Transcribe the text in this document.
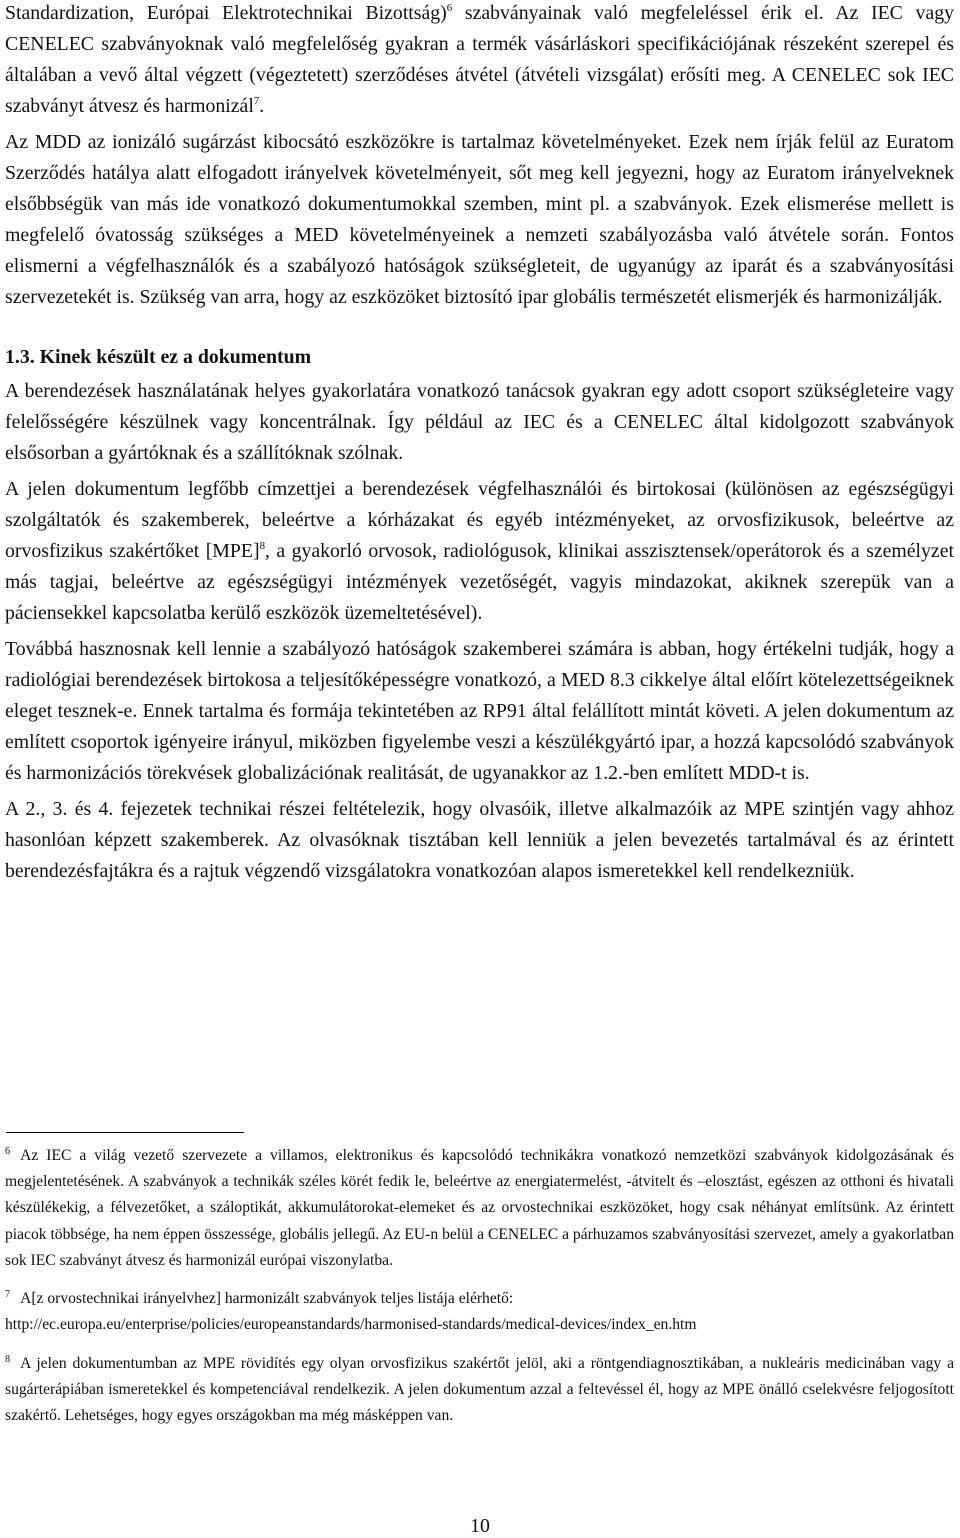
Standardization, Európai Elektrotechnikai Bizottság)$^6$ szabványainak való megfeleléssel érik el. Az IEC vagy CENELEC szabványoknak való megfelelőség gyakran a termék vásárláskori specifikációjának részeként szerepel és általában a vevő által végzett (végeztetett) szerződéses átvétel (átvételi vizsgálat) erősíti meg. A CENELEC sok IEC szabványt átvesz és harmonizál$^7$.

Az MDD az ionizáló sugárzást kibocsátó eszközökre is tartalmaz követelményeket. Ezek nem írják felül az Euratom Szerződés hatálya alatt elfogadott irányelvek követelményeit, sőt meg kell jegyezni, hogy az Euratom irányelveknek elsőbbségük van más ide vonatkozó dokumentumokkal szemben, mint pl. a szabványok. Ezek elismerése mellett is megfelelő óvatosság szükséges a MED követelményeinek a nemzeti szabályozásba való átvétele során. Fontos elismerni a végfelhasználók és a szabályozó hatóságok szükségleteit, de ugyanúgy az iparát és a szabványosítási szervezetekét is. Szükség van arra, hogy az eszközöket biztosító ipar globális természetét elismerjék és harmonizálják.

1.3. Kinek készült ez a dokumentum

A berendezések használatának helyes gyakorlatára vonatkozó tanácsok gyakran egy adott csoport szükségleteire vagy felelősségére készülnek vagy koncentrálnak. Így például az IEC és a CENELEC által kidolgozott szabványok elsősorban a gyártóknak és a szállítóknak szólnak.

A jelen dokumentum legfőbb címzettjei a berendezések végfelhasználói és birtokosai (különösen az egészségügyi szolgáltatók és szakemberek, beleértve a kórházakat és egyéb intézményeket, az orvosfizikusok, beleértve az orvosfizikus szakértőket [MPE]$^8$, a gyakorló orvosok, radiológusok, klinikai asszisztensek/operátorok és a személyzet más tagjai, beleértve az egészségügyi intézmények vezetőségét, vagyis mindazokat, akiknek szerepük van a páciensekkel kapcsolatba kerülő eszközök üzemeltetésével).

Továbbá hasznosnak kell lennie a szabályozó hatóságok szakemberei számára is abban, hogy értékelni tudják, hogy a radiológiai berendezések birtokosa a teljesítőképességre vonatkozó, a MED 8.3 cikkelye által előírt kötelezettségeiknek eleget tesznek-e. Ennek tartalma és formája tekintetében az RP91 által felállított mintát követi. A jelen dokumentum az említett csoportok igényeire irányul, miközben figyelembe veszi a készülékgyártó ipar, a hozzá kapcsolódó szabványok és harmonizációs törekvések globalizációnak realitását, de ugyanakkor az 1.2.-ben említett MDD-t is.

A 2., 3. és 4. fejezetek technikai részei feltételezik, hogy olvasóik, illetve alkalmazóik az MPE szintjén vagy ahhoz hasonlóan képzett szakemberek. Az olvasóknak tisztában kell lenniük a jelen bevezetés tartalmával és az érintett berendezésfajtákra és a rajtuk végzendő vizsgálatokra vonatkozóan alapos ismeretekkel kell rendelkezniük.

$^6$ Az IEC a világ vezető szervezete a villamos, elektronikus és kapcsolódó technikákra vonatkozó nemzetközi szabványok kidolgozásának és megjelentetésének. A szabványok a technikák széles körét fedik le, beleértve az energiatermelést, -átvitelt és –elosztást, egészen az otthoni és hivatali készülékekig, a félvezetőket, a száloptikát, akkumulátorokat-elemeket és az orvostechnikai eszközöket, hogy csak néhányat említsünk. Az érintett piacok többsége, ha nem éppen összessége, globális jellegű. Az EU-n belül a CENELEC a párhuzamos szabványosítási szervezet, amely a gyakorlatban sok IEC szabványt átvesz és harmonizál európai viszonylatba.

$^7$ A[z orvostechnikai irányelvhez] harmonizált szabványok teljes listája elérhető:
http://ec.europa.eu/enterprise/policies/europeanstandards/harmonised-standards/medical-devices/index_en.htm

$^8$ A jelen dokumentumban az MPE rövidítés egy olyan orvosfizikus szakértőt jelöl, aki a röntgendiagnosztikában, a nukleáris medicinában vagy a sugárterápiában ismeretekkel és kompetenciával rendelkezik. A jelen dokumentum azzal a feltevéssel él, hogy az MPE önálló cselekvésre feljogosított szakértő. Lehetséges, hogy egyes országokban ma még másképpen van.

10
